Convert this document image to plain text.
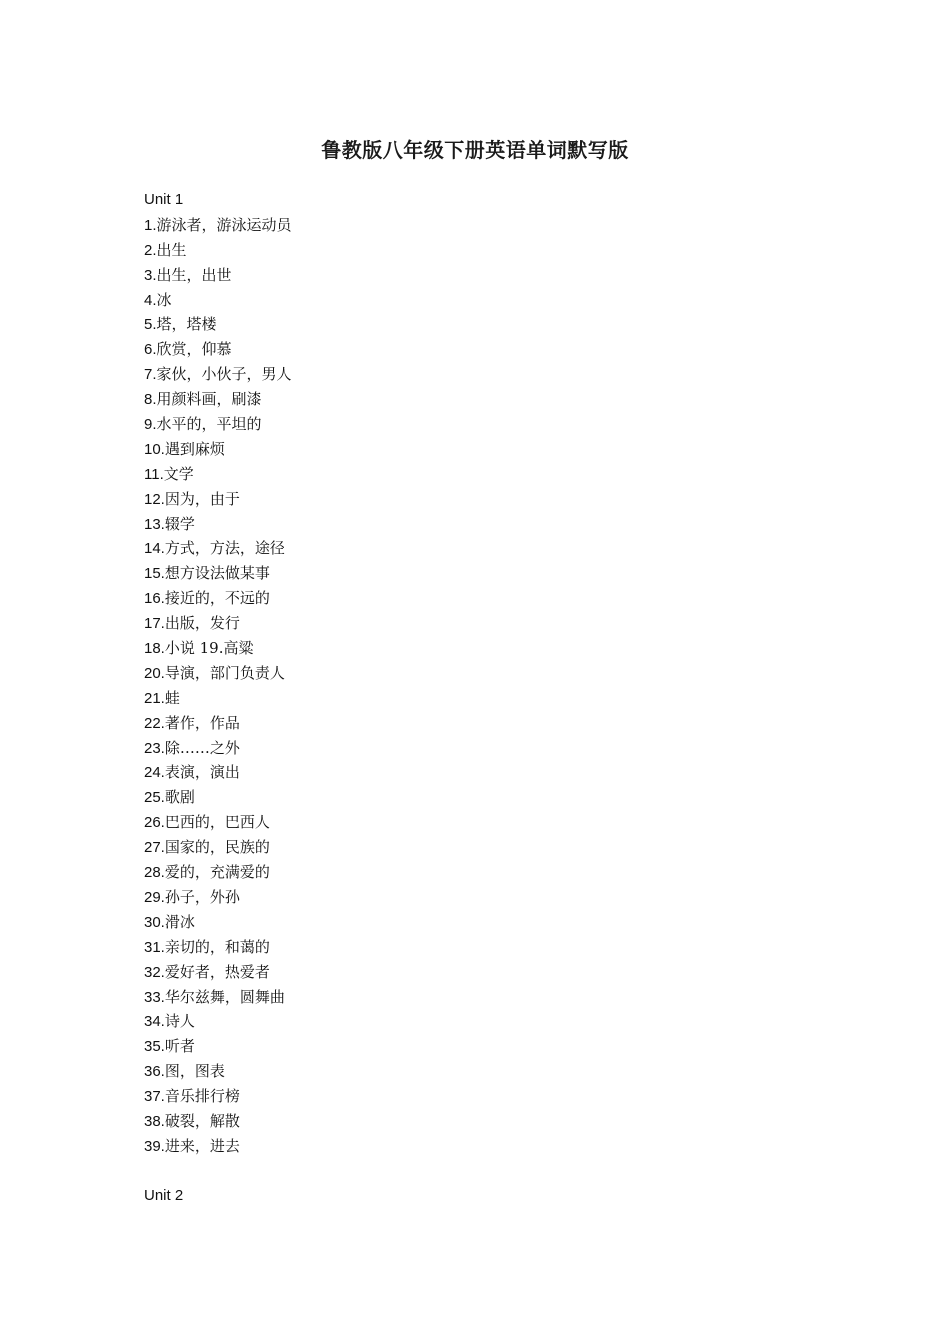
鲁教版八年级下册英语单词默写版
Unit 1
1.游泳者，游泳运动员
2.出生
3.出生，出世
4.冰
5.塔，塔楼
6.欣赏，仰慕
7.家伙，小伙子，男人
8.用颜料画，刷漆
9.水平的，平坦的
10.遇到麻烦
11.文学
12.因为，由于
13.辍学
14.方式，方法，途径
15.想方设法做某事
16.接近的，不远的
17.出版，发行
18.小说 19.高粱
20.导演，部门负责人
21.蛙
22.著作，作品
23.除……之外
24.表演，演出
25.歌剧
26.巴西的，巴西人
27.国家的，民族的
28.爱的，充满爱的
29.孙子，外孙
30.滑冰
31.亲切的，和蔼的
32.爱好者，热爱者
33.华尔兹舞，圆舞曲
34.诗人
35.听者
36.图，图表
37.音乐排行榜
38.破裂，解散
39.进来，进去
Unit 2
